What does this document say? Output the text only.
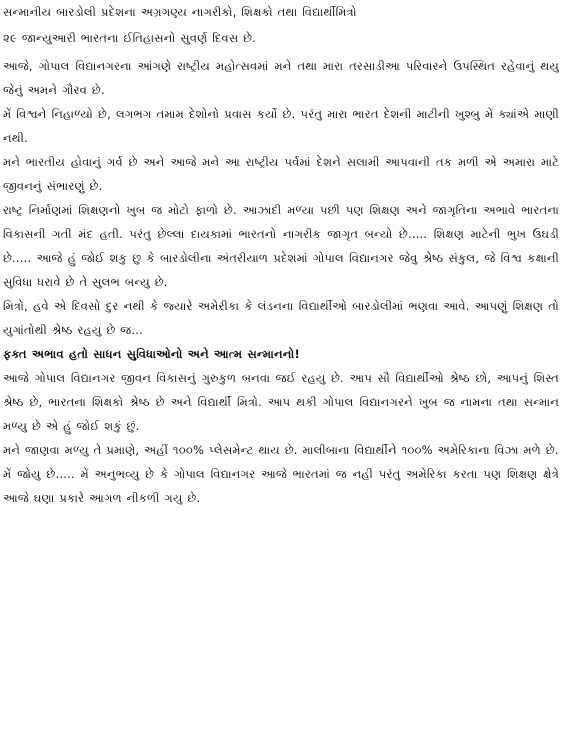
સન્માનીય બારડોલી પ્રદેશના અગ્રગણ્ય નાગરીકો, શિક્ષકો તથા વિદ્યાર્થીમિત્રો

૨૯ જાન્યુઆરી ભારતના ઈતિહાસનો સુવર્ણ દિવસ છે.

આજે, ગોપાલ વિદ્યાનગરના આંગણે રાષ્ટ્રીય મહોત્સવમાં મને તથા મારા તરસાડીઆ પરિવારને ઉપસ્થિત રહેવાનું થયુ જેનું અમને ગૌરવ છે.

મેં વિશ્વને નિહાળ્યો છે, લગભગ તમામ દેશોનો પ્રવાસ કર્યો છે. પરંતુ મારા ભારત દેશની માટીની ખુશ્બુ મેં ક્યાંએ માણી નથી.

મને ભારતીય હોવાનું ગર્વ છે અને આજે મને આ રાષ્ટ્રીય પર્વમાં દેશને સલામી આપવાની તક મળી એ અમારા માટે જીવનનું સંભારણું છે.

રાષ્ટ્ર નિર્માણમાં શિક્ષણનો ખુબ જ મોટો ફાળો છે. આઝાદી મળ્યા પછી પણ શિક્ષણ અને જાગૃતિના અભાવે ભારતના વિકાસની ગતી મંદ હતી. પરંતુ છેલ્લા દાયકામાં ભારતનો નાગરીક જાગૃત બન્યો છે..... શિક્ષણ માટેની ભુખ ઉઘડી છે..... આજે હું જોઈ શકુ છુ કે બારડોલીના અંતરીયાળ પ્રદેશમાં ગોપાલ વિદ્યાનગર જેવુ શ્રેષ્ઠ સંકુલ, જે વિશ્વ કક્ષાની સુવિધા ધરાવે છે તે સુલભ બન્યુ છે.

મિત્રો, હવે એ દિવસો દુર નથી કે જ્યારે અમેરીકા કે લંડનના વિદ્યાર્થીઓ બારડોલીમાં ભણવા આવે. આપણું શિક્ષણ તો યુગાંતોથી શ્રેષ્ઠ રહયુ છે જ...

ફક્ત અભાવ હતો સાધન સુવિધાઓનો અને આત્મ સન્માનનો!

આજે ગોપાલ વિદ્યાનગર જીવન વિકાસનું ગુરુકુળ બનવા જઈ રહયુ છે. આપ સૌ વિદ્યાર્થીઓ શ્રેષ્ઠ છો, આપનું શિસ્ત શ્રેષ્ઠ છે, ભારતના શિક્ષકો શ્રેષ્ઠ છે અને વિદ્યાર્થી મિત્રો. આપ થકી ગોપાલ વિદ્યાનગરને ખુબ જ નામના તથા સન્માન મળ્યુ છે એ હું જોઈ શકું છું.

મને જાણવા મળ્યુ તે પ્રમાણે, અહીં ૧૦૦% પ્લેસમેન્ટ થાય છે. માલીબાના વિદ્યાર્થીને ૧૦૦% અમેરિકાના વિઝા મળે છે.

મેં જોયુ છે..... મેં અનુભવ્યુ છે કે ગોપાલ વિદ્યાનગર આજે ભારતમાં જ નહી પરંતુ અમેરિકા કરતા પણ શિક્ષણ ક્ષેત્રે આજે ઘણા પ્રકારે આગળ નીકળી ગયુ છે.
